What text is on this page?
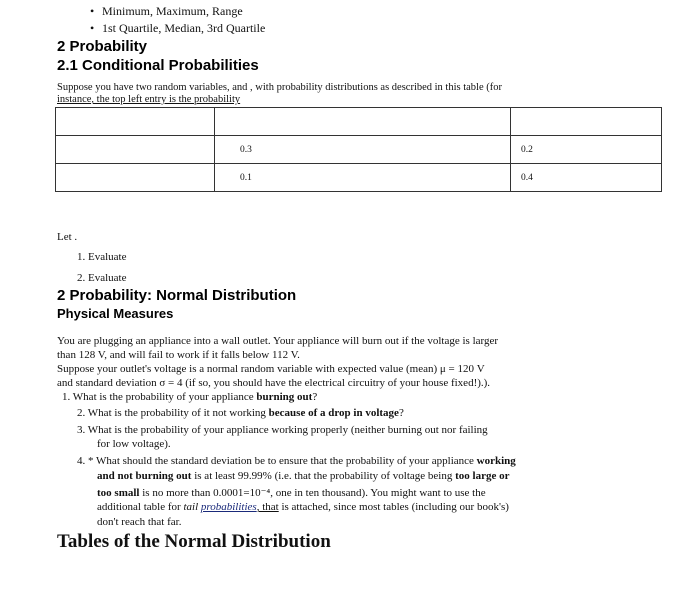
• Minimum, Maximum, Range
• 1st Quartile, Median, 3rd Quartile
2 Probability
2.1 Conditional Probabilities
Suppose you have two random variables, and , with probability distributions as described in this table (for
instance, the top left entry is the probability

	0.3	0.2
	0.1	0.4
Let .
1. Evaluate
2. Evaluate
2 Probability: Normal Distribution
Physical Measures
You are plugging an appliance into a wall outlet. Your appliance will burn out if the voltage is larger
than 128 V, and will fail to work if it falls below 112 V.
Suppose your outlet's voltage is a normal random variable with expected value (mean) μ = 120 V
and standard deviation σ = 4 (if so, you should have the electrical circuitry of your house fixed!).).
1. What is the probability of your appliance burning out?
2. What is the probability of it not working because of a drop in voltage?
3. What is the probability of your appliance working properly (neither burning out nor failing
for low voltage).
4. * What should the standard deviation be to ensure that the probability of your appliance working
and not burning out is at least 99.99% (i.e. that the probability of voltage being too large or
too small is no more than 0.0001=10⁻⁴, one in ten thousand). You might want to use the
additional table for tail probabilities, that is attached, since most tables (including our book's)
don't reach that far.
Tables of the Normal Distribution
